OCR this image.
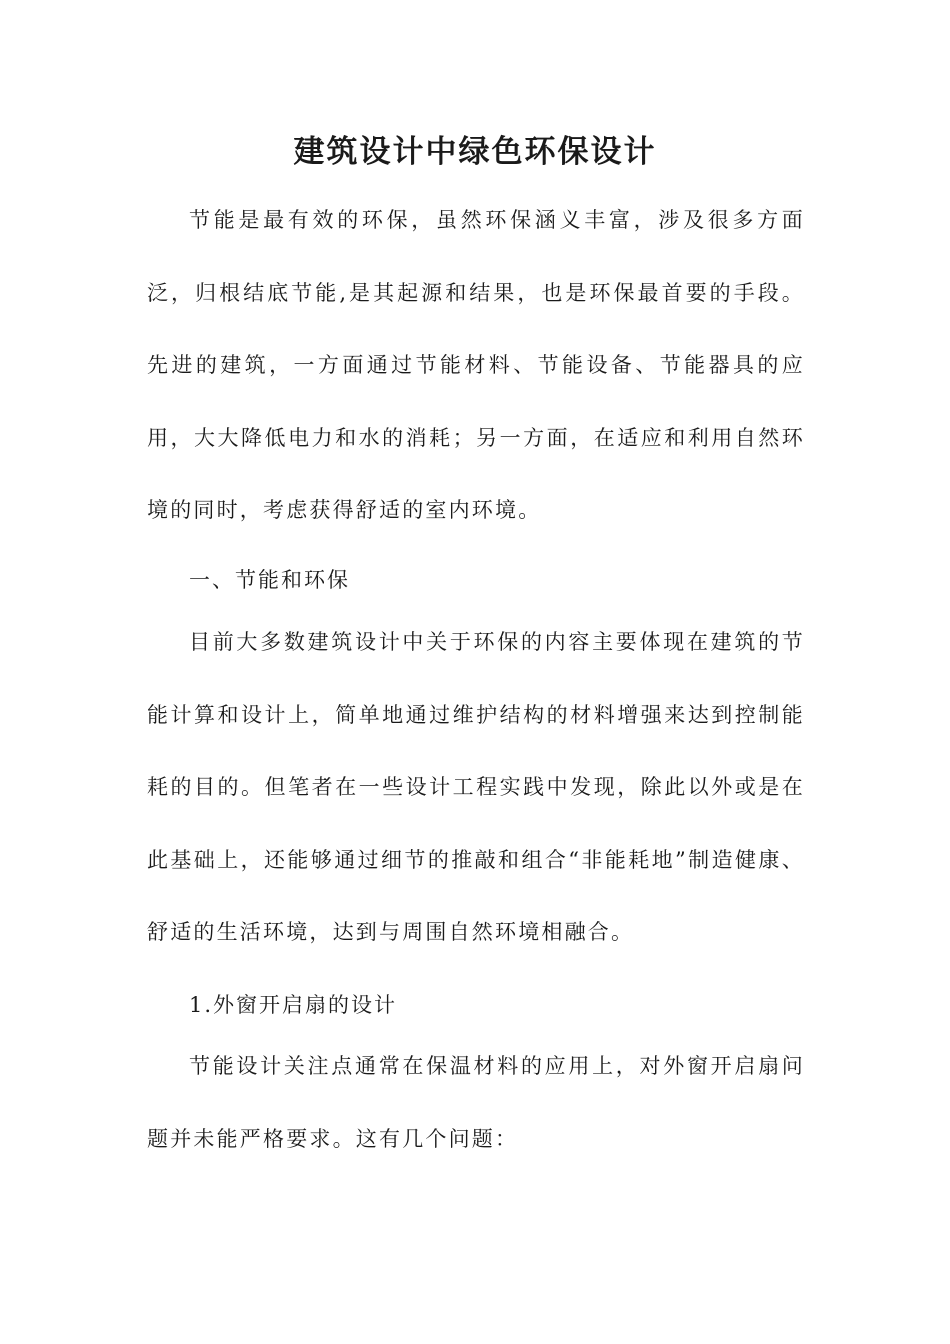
建筑设计中绿色环保设计

节能是最有效的环保，虽然环保涵义丰富，涉及很多方面泛，归根结底节能,是其起源和结果，也是环保最首要的手段。先进的建筑，一方面通过节能材料、节能设备、节能器具的应用，大大降低电力和水的消耗；另一方面，在适应和利用自然环境的同时，考虑获得舒适的室内环境。

一、节能和环保

目前大多数建筑设计中关于环保的内容主要体现在建筑的节能计算和设计上，简单地通过维护结构的材料增强来达到控制能耗的目的。但笔者在一些设计工程实践中发现，除此以外或是在此基础上，还能够通过细节的推敲和组合“非能耗地”制造健康、舒适的生活环境，达到与周围自然环境相融合。

1.外窗开启扇的设计

节能设计关注点通常在保温材料的应用上，对外窗开启扇问题并未能严格要求。这有几个问题：
